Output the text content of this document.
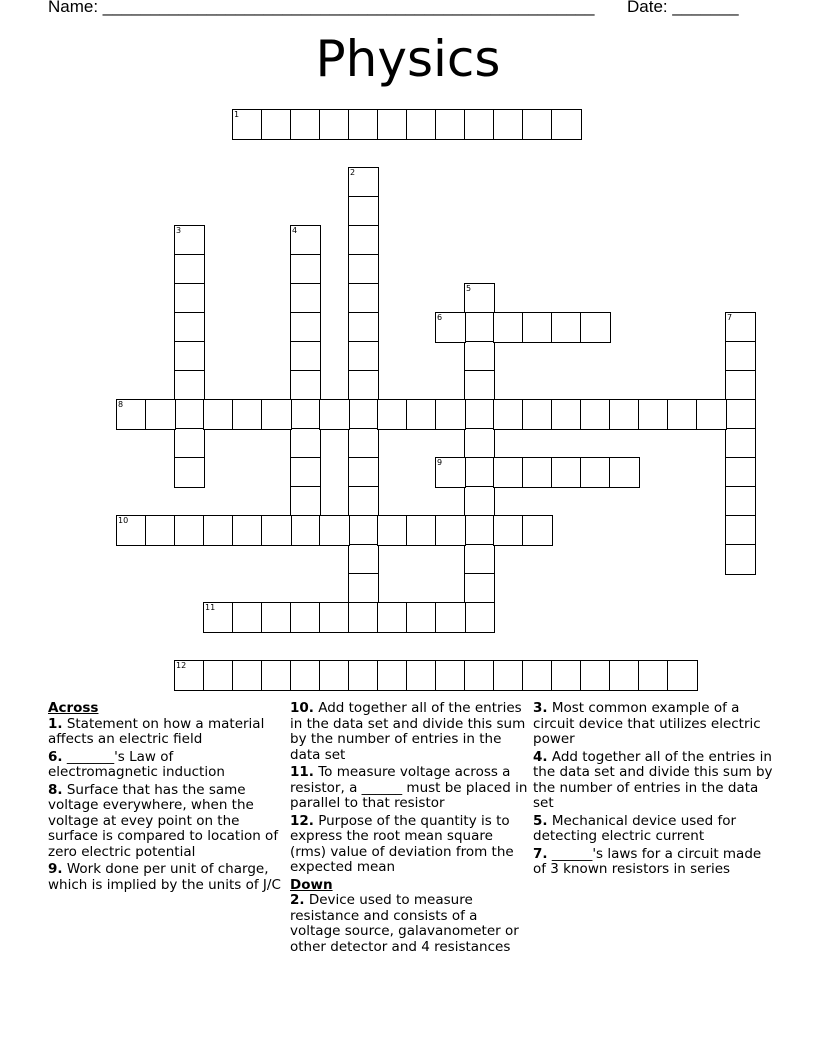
Name: ____________________________________________________ Date: _______
Physics
1
2
3	4
5
6	7
8
9
10
11
12
Across
1. Statement on how a material affects an electric field
6. _______'s Law of electromagnetic induction
8. Surface that has the same voltage everywhere, when the voltage at evey point on the surface is compared to location of zero electric potential
9. Work done per unit of charge, which is implied by the units of J/C
10. Add together all of the entries in the data set and divide this sum by the number of entries in the data set
11. To measure voltage across a resistor, a ______ must be placed in parallel to that resistor
12. Purpose of the quantity is to express the root mean square (rms) value of deviation from the expected mean
Down
2. Device used to measure resistance and consists of a voltage source, galavanometer or other detector and 4 resistances
3. Most common example of a circuit device that utilizes electric power
4. Add together all of the entries in the data set and divide this sum by the number of entries in the data set
5. Mechanical device used for detecting electric current
7. ______'s laws for a circuit made of 3 known resistors in series
